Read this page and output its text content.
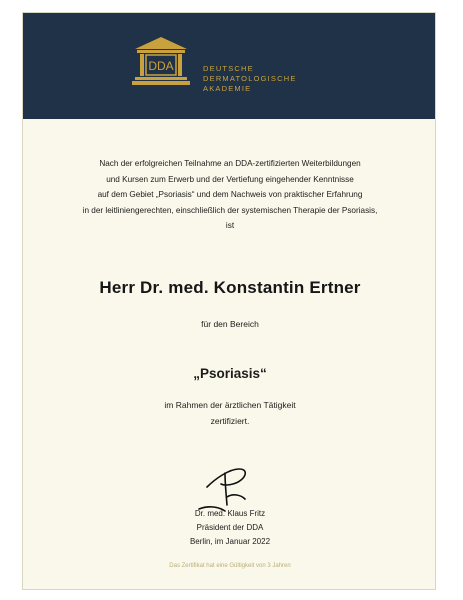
DDA	DEUTSCHE
DERMATOLOGISCHE
AKADEMIE
Nach der erfolgreichen Teilnahme an DDA-zertifizierten Weiterbildungen
und Kursen zum Erwerb und der Vertiefung eingehender Kenntnisse
auf dem Gebiet „Psoriasis“ und dem Nachweis von praktischer Erfahrung
in der leitliniengerechten, einschließlich der systemischen Therapie der Psoriasis,
ist
Herr Dr. med. Konstantin Ertner
für den Bereich
„Psoriasis“
im Rahmen der ärztlichen Tätigkeit
zertifiziert.
Dr. med. Klaus Fritz
Präsident der DDA
Berlin, im Januar 2022
Das Zertifikat hat eine Gültigkeit von 3 Jahren
